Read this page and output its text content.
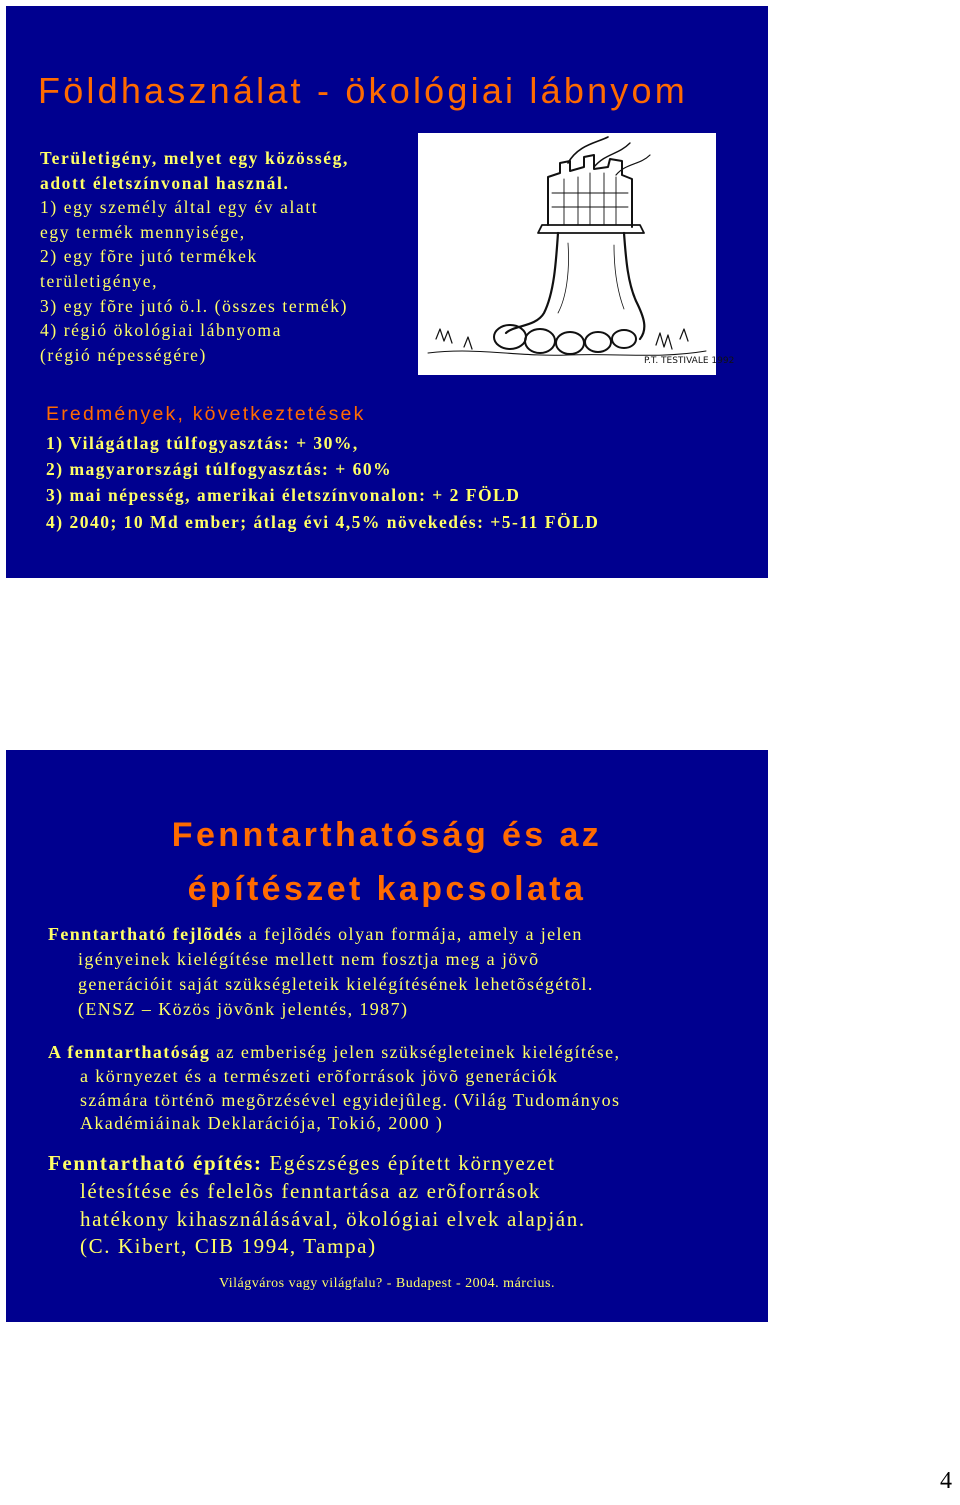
Földhasználat - ökológiai lábnyom

Területigény, melyet egy közösség,

adott életszínvonal használ.

1) egy személy által egy év alatt

egy termék mennyisége,

2) egy fõre jutó termékek

területigénye,

3) egy fõre jutó ö.l. (összes termék)

4) régió ökológiai lábnyoma

(régió népességére)	P.T. TESTIVALE 1992
Eredmények, következtetések

1) Világátlag túlfogyasztás: + 30%,

2) magyarországi túlfogyasztás: + 60%

3) mai népesség, amerikai életszínvonalon: + 2 FÖLD

4) 2040; 10 Md ember; átlag évi 4,5% növekedés: +5-11 FÖLD

Fenntarthatóság és az
építészet kapcsolata

Fenntartható fejlõdés a fejlõdés olyan formája, amely a jelen

igényeinek kielégítése mellett nem fosztja meg a jövõ

generációit saját szükségleteik kielégítésének lehetõségétõl.

(ENSZ – Közös jövõnk jelentés, 1987)

A fenntarthatóság az emberiség jelen szükségleteinek kielégítése,

a környezet és a természeti erõforrások jövõ generációk

számára történõ megõrzésével egyidejûleg. (Világ Tudományos

Akadémiáinak Deklarációja, Tokió, 2000 )

Fenntartható építés: Egészséges épített környezet

létesítése és felelõs fenntartása az erõforrások

hatékony kihasználásával, ökológiai elvek alapján.

(C. Kibert, CIB 1994, Tampa)

Világváros vagy világfalu? - Budapest - 2004. március.

4
